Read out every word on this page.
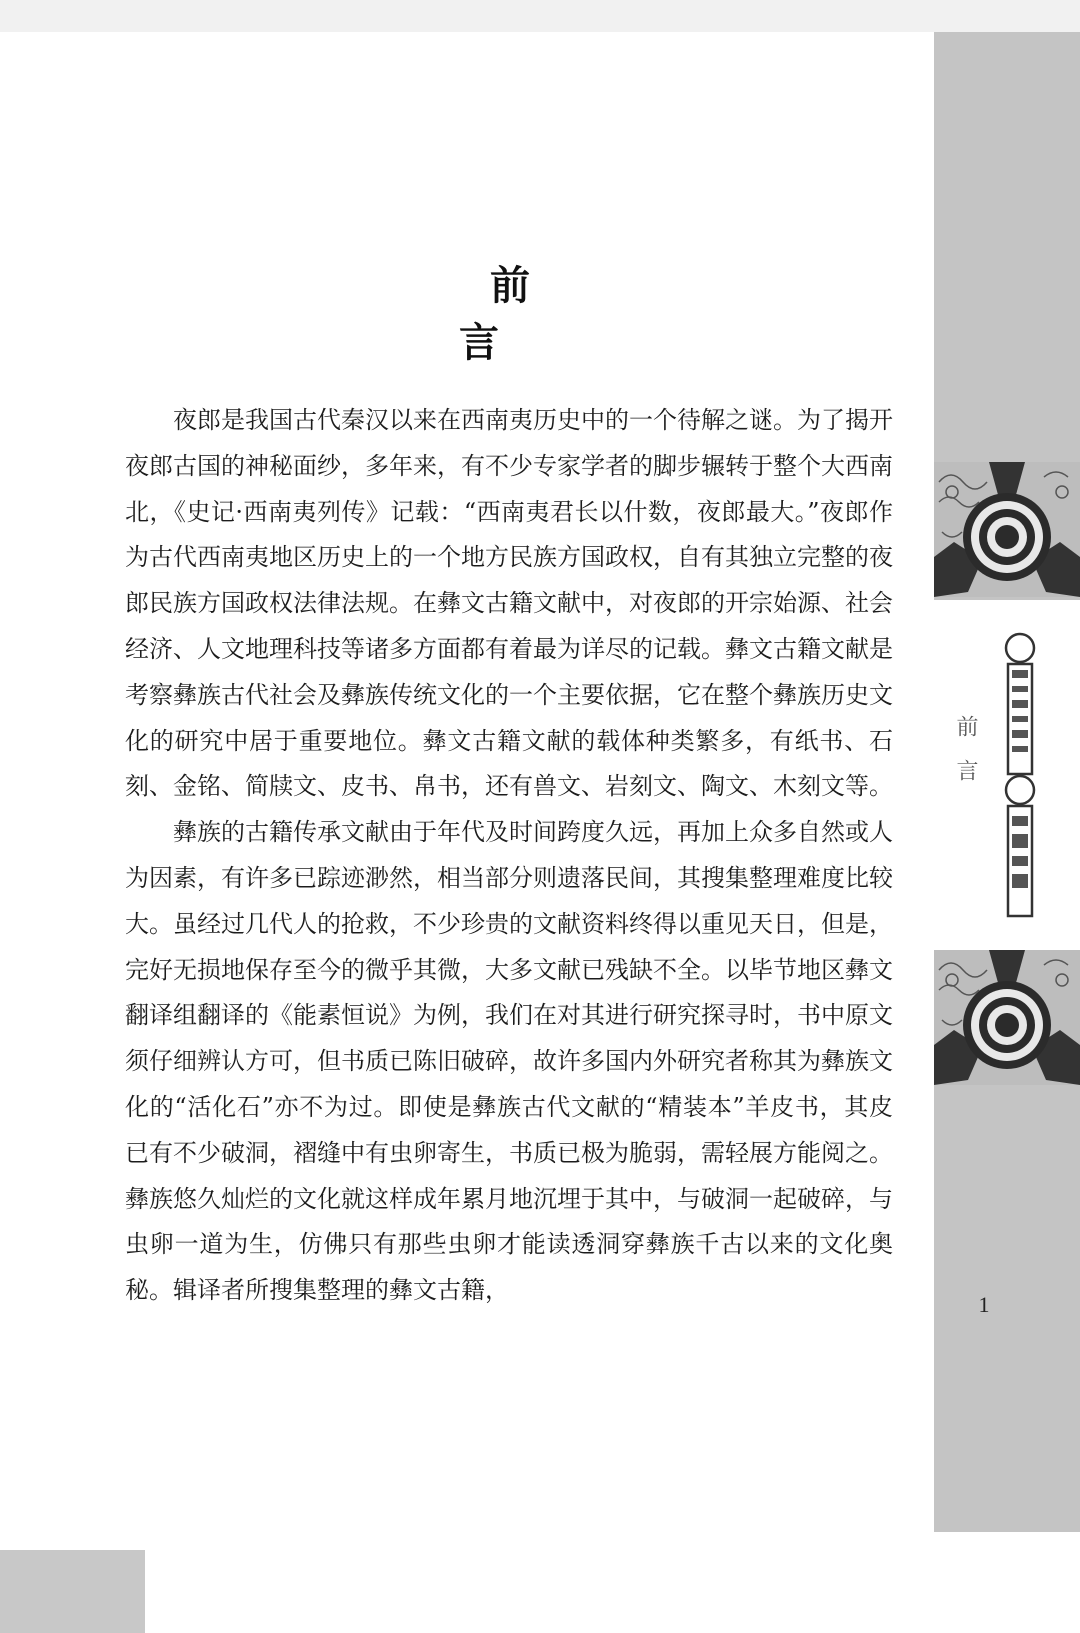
前言
1
前 言

夜郎是我国古代秦汉以来在西南夷历史中的一个待解之谜。为了揭开夜郎古国的神秘面纱，多年来，有不少专家学者的脚步辗转于整个大西南北，《史记·西南夷列传》记载：“西南夷君长以什数，夜郎最大。”夜郎作为古代西南夷地区历史上的一个地方民族方国政权，自有其独立完整的夜郎民族方国政权法律法规。在彝文古籍文献中，对夜郎的开宗始源、社会经济、人文地理科技等诸多方面都有着最为详尽的记载。彝文古籍文献是考察彝族古代社会及彝族传统文化的一个主要依据，它在整个彝族历史文化的研究中居于重要地位。彝文古籍文献的载体种类繁多，有纸书、石刻、金铭、简牍文、皮书、帛书，还有兽文、岩刻文、陶文、木刻文等。

彝族的古籍传承文献由于年代及时间跨度久远，再加上众多自然或人为因素，有许多已踪迹渺然，相当部分则遗落民间，其搜集整理难度比较大。虽经过几代人的抢救，不少珍贵的文献资料终得以重见天日，但是，完好无损地保存至今的微乎其微，大多文献已残缺不全。以毕节地区彝文翻译组翻译的《能素恒说》为例，我们在对其进行研究探寻时，书中原文须仔细辨认方可，但书质已陈旧破碎，故许多国内外研究者称其为彝族文化的“活化石”亦不为过。即使是彝族古代文献的“精装本”羊皮书，其皮已有不少破洞，褶缝中有虫卵寄生，书质已极为脆弱，需轻展方能阅之。彝族悠久灿烂的文化就这样成年累月地沉埋于其中，与破洞一起破碎，与虫卵一道为生，仿佛只有那些虫卵才能读透洞穿彝族千古以来的文化奥秘。辑译者所搜集整理的彝文古籍，
